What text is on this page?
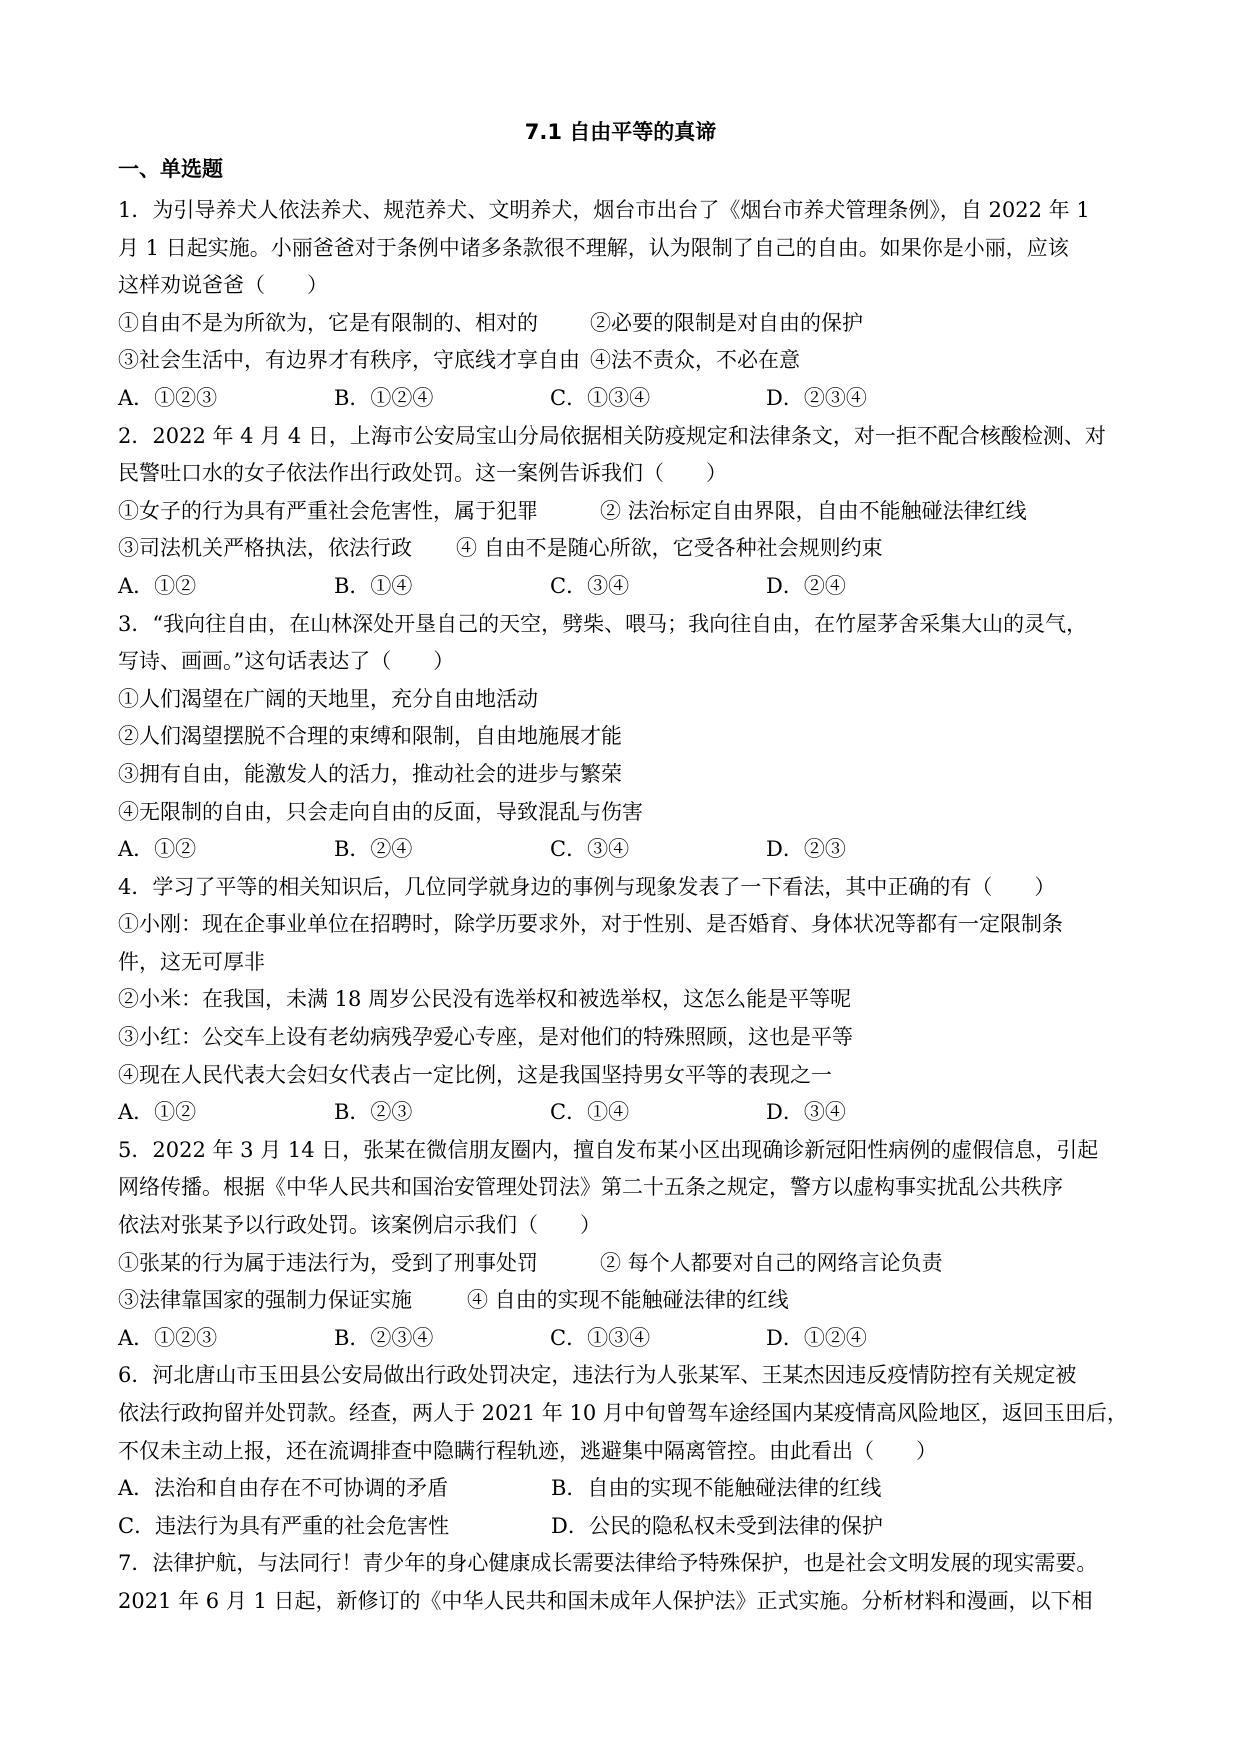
7.1 自由平等的真谛
一、单选题
1．为引导养犬人依法养犬、规范养犬、文明养犬，烟台市出台了《烟台市养犬管理条例》，自 2022 年 1
月 1 日起实施。小丽爸爸对于条例中诸多条款很不理解，认为限制了自己的自由。如果你是小丽，应该
这样劝说爸爸（　　）
①自由不是为所欲为，它是有限制的、相对的	②必要的限制是对自由的保护
③社会生活中，有边界才有秩序，守底线才享自由 ④法不责众，不必在意
A．①②③	B．①②④	C．①③④	D．②③④
2．2022 年 4 月 4 日，上海市公安局宝山分局依据相关防疫规定和法律条文，对一拒不配合核酸检测、对
民警吐口水的女子依法作出行政处罚。这一案例告诉我们（　　）
①女子的行为具有严重社会危害性，属于犯罪	② 法治标定自由界限，自由不能触碰法律红线
③司法机关严格执法，依法行政	④ 自由不是随心所欲，它受各种社会规则约束
A．①②	B．①④	C．③④	D．②④
3．“我向往自由，在山林深处开垦自己的天空，劈柴、喂马；我向往自由，在竹屋茅舍采集大山的灵气，
写诗、画画。”这句话表达了（　　）
①人们渴望在广阔的天地里，充分自由地活动
②人们渴望摆脱不合理的束缚和限制，自由地施展才能
③拥有自由，能激发人的活力，推动社会的进步与繁荣
④无限制的自由，只会走向自由的反面，导致混乱与伤害
A．①②	B．②④	C．③④	D．②③
4．学习了平等的相关知识后，几位同学就身边的事例与现象发表了一下看法，其中正确的有（　　）
①小刚：现在企事业单位在招聘时，除学历要求外，对于性别、是否婚育、身体状况等都有一定限制条
件，这无可厚非
②小米：在我国，未满 18 周岁公民没有选举权和被选举权，这怎么能是平等呢
③小红：公交车上设有老幼病残孕爱心专座，是对他们的特殊照顾，这也是平等
④现在人民代表大会妇女代表占一定比例，这是我国坚持男女平等的表现之一
A．①②	B．②③	C．①④	D．③④
5．2022 年 3 月 14 日，张某在微信朋友圈内，擅自发布某小区出现确诊新冠阳性病例的虚假信息，引起
网络传播。根据《中华人民共和国治安管理处罚法》第二十五条之规定，警方以虚构事实扰乱公共秩序
依法对张某予以行政处罚。该案例启示我们（　　）
①张某的行为属于违法行为，受到了刑事处罚	② 每个人都要对自己的网络言论负责
③法律靠国家的强制力保证实施	④ 自由的实现不能触碰法律的红线
A．①②③	B．②③④	C．①③④	D．①②④
6．河北唐山市玉田县公安局做出行政处罚决定，违法行为人张某军、王某杰因违反疫情防控有关规定被
依法行政拘留并处罚款。经查，两人于 2021 年 10 月中旬曾驾车途经国内某疫情高风险地区，返回玉田后，
不仅未主动上报，还在流调排查中隐瞒行程轨迹，逃避集中隔离管控。由此看出（　　）
A．法治和自由存在不可协调的矛盾	B．自由的实现不能触碰法律的红线
C．违法行为具有严重的社会危害性	D．公民的隐私权未受到法律的保护
7．法律护航，与法同行！青少年的身心健康成长需要法律给予特殊保护，也是社会文明发展的现实需要。
2021 年 6 月 1 日起，新修订的《中华人民共和国未成年人保护法》正式实施。分析材料和漫画，以下相
